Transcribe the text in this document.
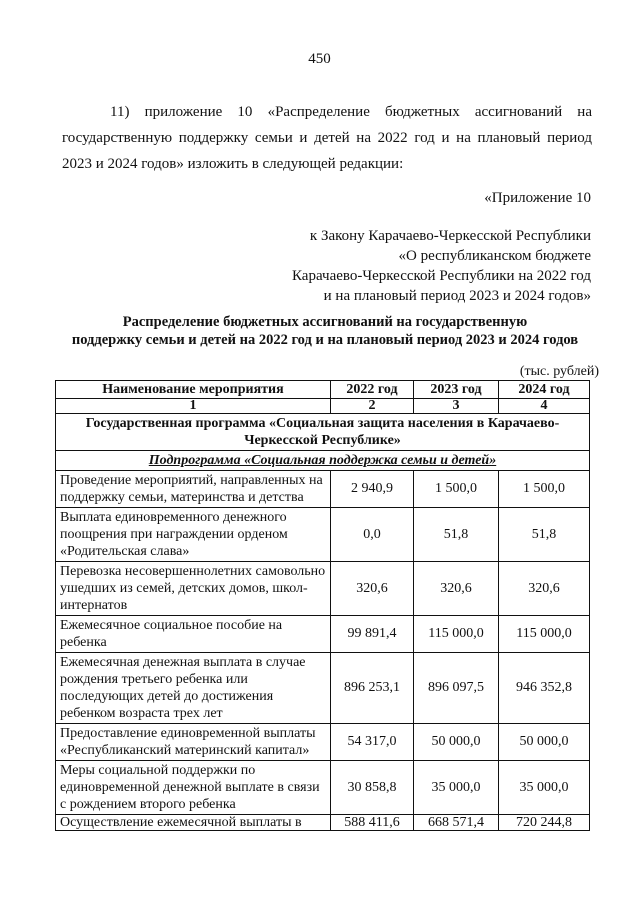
450

11) приложение 10 «Распределение бюджетных ассигнований на государственную поддержку семьи и детей на 2022 год и на плановый период 2023 и 2024 годов» изложить в следующей редакции:

«Приложение 10
к Закону Карачаево-Черкесской Республики
«О республиканском бюджете
Карачаево-Черкесской Республики на 2022 год
и на плановый период 2023 и 2024 годов»
Распределение бюджетных ассигнований на государственную
поддержку семьи и детей на 2022 год и на плановый период 2023 и 2024 годов
(тыс. рублей)
Наименование мероприятия	2022 год	2023 год	2024 год
1	2	3	4
Государственная программа «Социальная защита населения в Карачаево-Черкесской Республике»			
Подпрограмма «Социальная поддержка семьи и детей»			
Проведение мероприятий, направленных на поддержку семьи, материнства и детства	2 940,9	1 500,0	1 500,0
Выплата единовременного денежного поощрения при награждении орденом «Родительская слава»	0,0	51,8	51,8
Перевозка несовершеннолетних самовольно ушедших из семей, детских домов, школ-интернатов	320,6	320,6	320,6
Ежемесячное социальное пособие на ребенка	99 891,4	115 000,0	115 000,0
Ежемесячная денежная выплата в случае рождения третьего ребенка или последующих детей до достижения ребенком возраста трех лет	896 253,1	896 097,5	946 352,8
Предоставление единовременной выплаты «Республиканский материнский капитал»	54 317,0	50 000,0	50 000,0
Меры социальной поддержки по единовременной денежной выплате в связи с рождением второго ребенка	30 858,8	35 000,0	35 000,0
Осуществление ежемесячной выплаты в	588 411,6	668 571,4	720 244,8
